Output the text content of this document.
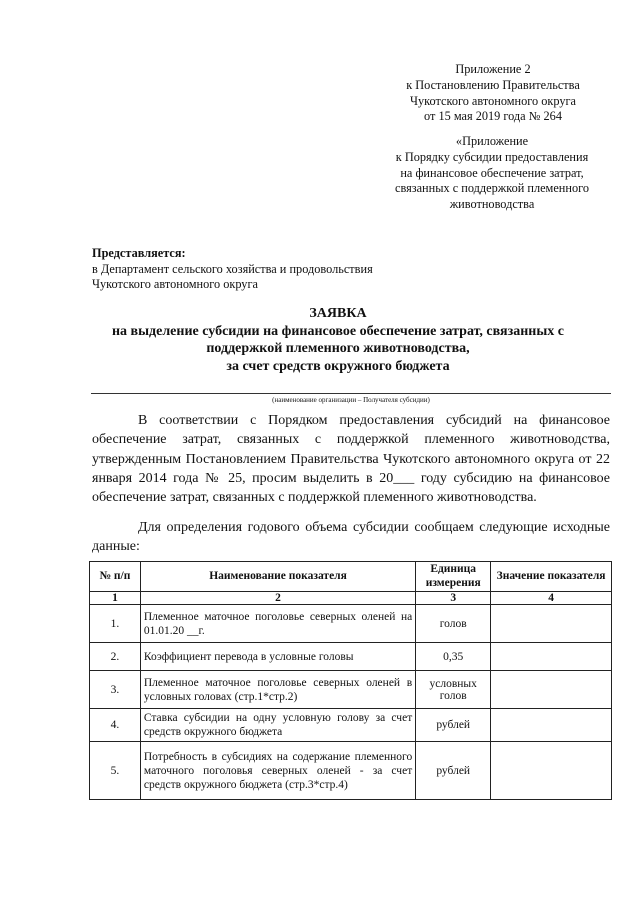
Приложение 2
к Постановлению Правительства
Чукотского автономного округа
от 15 мая 2019 года № 264
«Приложение
к Порядку субсидии предоставления
на финансовое обеспечение затрат,
связанных с поддержкой племенного
животноводства
Представляется:
в Департамент сельского хозяйства и продовольствия
Чукотского автономного округа
ЗАЯВКА
на выделение субсидии на финансовое обеспечение затрат, связанных с
поддержкой племенного животноводства,
за счет средств окружного бюджета
(наименование организации – Получателя субсидии)
В соответствии с Порядком предоставления субсидий на финансовое обеспечение затрат, связанных с поддержкой племенного животноводства, утвержденным Постановлением Правительства Чукотского автономного округа от 22 января 2014 года № 25, просим выделить в 20___ году субсидию на финансовое обеспечение затрат, связанных с поддержкой племенного животноводства.
Для определения годового объема субсидии сообщаем следующие исходные данные:
№ п/п	Наименование показателя	Единица измерения	Значение показателя
1	2	3	4
1.	Племенное маточное поголовье северных оленей на 01.01.20 __г.	голов	
2.	Коэффициент перевода в условные головы	0,35	
3.	Племенное маточное поголовье северных оленей в условных головах (стр.1*стр.2)	условных голов	
4.	Ставка субсидии на одну условную голову за счет средств окружного бюджета	рублей	
5.	Потребность в субсидиях на содержание племенного маточного поголовья северных оленей - за счет средств окружного бюджета (стр.3*стр.4)	рублей	
